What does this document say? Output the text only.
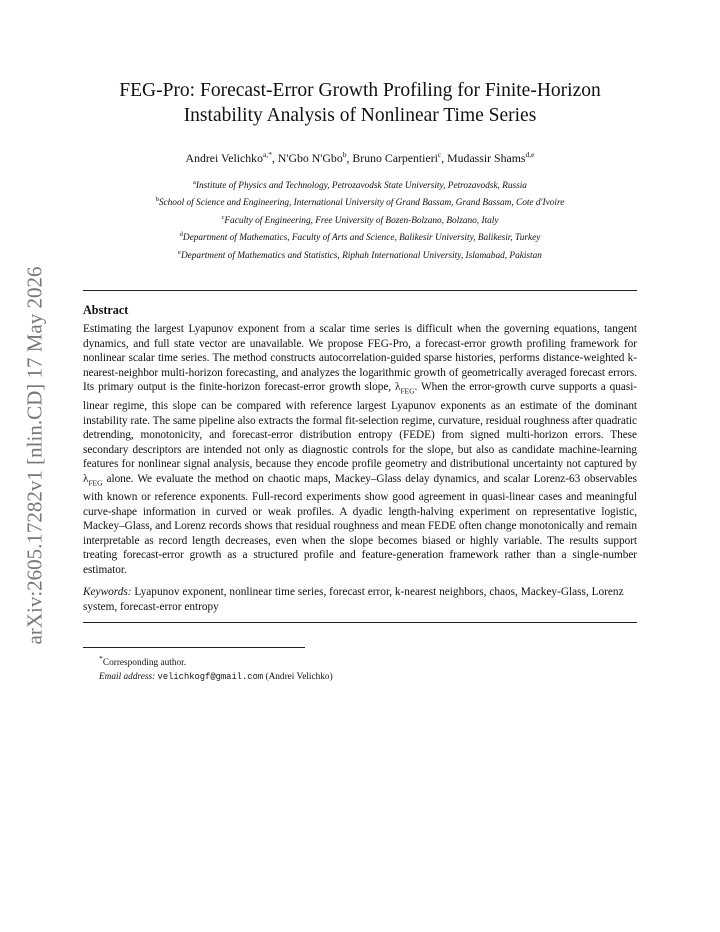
arXiv:2605.17282v1 [nlin.CD] 17 May 2026
FEG-Pro: Forecast-Error Growth Profiling for Finite-Horizon
Instability Analysis of Nonlinear Time Series
Andrei Velichko$^{a,*}$, N'Gbo N'Gbo$^b$, Bruno Carpentieri$^c$, Mudassir Shams$^{d,e}$
$^a$Institute of Physics and Technology, Petrozavodsk State University, Petrozavodsk, Russia
$^b$School of Science and Engineering, International University of Grand Bassam, Grand Bassam, Cote d'Ivoire
$^c$Faculty of Engineering, Free University of Bozen-Bolzano, Bolzano, Italy
$^d$Department of Mathematics, Faculty of Arts and Science, Balikesir University, Balikesir, Turkey
$^e$Department of Mathematics and Statistics, Riphah International University, Islamabad, Pakistan
Abstract

Estimating the largest Lyapunov exponent from a scalar time series is difficult when the governing equations, tangent dynamics, and full state vector are unavailable. We propose FEG-Pro, a forecast-error growth profiling framework for nonlinear scalar time series. The method constructs autocorrelation-guided sparse histories, performs distance-weighted k-nearest-neighbor multi-horizon forecasting, and analyzes the logarithmic growth of geometrically averaged forecast errors. Its primary output is the finite-horizon forecast-error growth slope, $\lambda_{FEG}$. When the error-growth curve supports a quasi-linear regime, this slope can be compared with reference largest Lyapunov exponents as an estimate of the dominant instability rate. The same pipeline also extracts the formal fit-selection regime, curvature, residual roughness after quadratic detrending, monotonicity, and forecast-error distribution entropy (FEDE) from signed multi-horizon errors. These secondary descriptors are intended not only as diagnostic controls for the slope, but also as candidate machine-learning features for nonlinear signal analysis, because they encode profile geometry and distributional uncertainty not captured by $\lambda_{FEG}$ alone. We evaluate the method on chaotic maps, Mackey–Glass delay dynamics, and scalar Lorenz-63 observables with known or reference exponents. Full-record experiments show good agreement in quasi-linear cases and meaningful curve-shape information in curved or weak profiles. A dyadic length-halving experiment on representative logistic, Mackey–Glass, and Lorenz records shows that residual roughness and mean FEDE often change monotonically and remain interpretable as record length decreases, even when the slope becomes biased or highly variable. The results support treating forecast-error growth as a structured profile and feature-generation framework rather than a single-number estimator.

Keywords: Lyapunov exponent, nonlinear time series, forecast error, k-nearest neighbors, chaos, Mackey-Glass, Lorenz system, forecast-error entropy
*Corresponding author.
Email address: velichkogf@gmail.com (Andrei Velichko)
